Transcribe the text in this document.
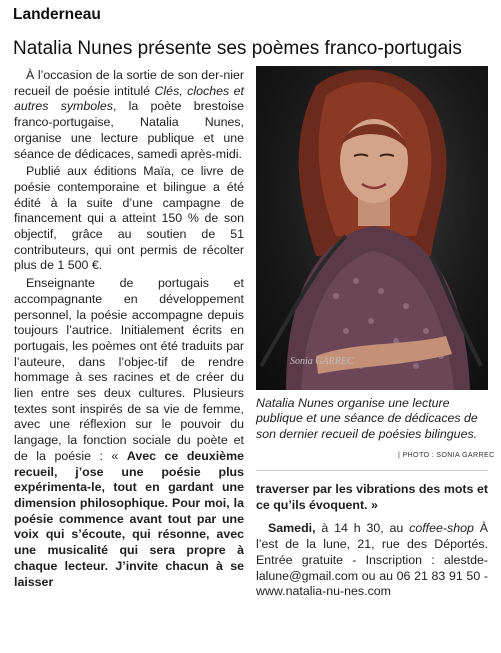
Landerneau
Natalia Nunes présente ses poèmes franco-portugais

À l’occasion de la sortie de son der-nier recueil de poésie intitulé Clés, cloches et autres symboles, la poète brestoise franco-portugaise, Natalia Nunes, organise une lecture publique et une séance de dédicaces, samedi après-midi.

Publié aux éditions Maïa, ce livre de poésie contemporaine et bilingue a été édité à la suite d’une campagne de financement qui a atteint 150 % de son objectif, grâce au soutien de 51 contributeurs, qui ont permis de récolter plus de 1 500 €.

Enseignante de portugais et accompagnante en développement personnel, la poésie accompagne depuis toujours l’autrice. Initialement écrits en portugais, les poèmes ont été traduits par l’auteure, dans l’objec-tif de rendre hommage à ses racines et de créer du lien entre ses deux cultures. Plusieurs textes sont inspirés de sa vie de femme, avec une réflexion sur le pouvoir du langage, la fonction sociale du poète et de la poésie : « Avec ce deuxième recueil, j’ose une poésie plus expérimenta-le, tout en gardant une dimension philosophique. Pour moi, la poésie commence avant tout par une voix qui s’écoute, qui résonne, avec une musicalité qui sera propre à chaque lecteur. J’invite chacun à se laisser

Sonia GARREC
Natalia Nunes organise une lecture publique et une séance de dédicaces de son dernier recueil de poésies bilingues.
| PHOTO : SONIA GARREC

traverser par les vibrations des mots et ce qu’ils évoquent. »

Samedi, à 14 h 30, au coffee-shop À l’est de la lune, 21, rue des Déportés. Entrée gratuite - Inscription : alestde-lalune@gmail.com ou au 06 21 83 91 50 - www.natalia-nu-nes.com
